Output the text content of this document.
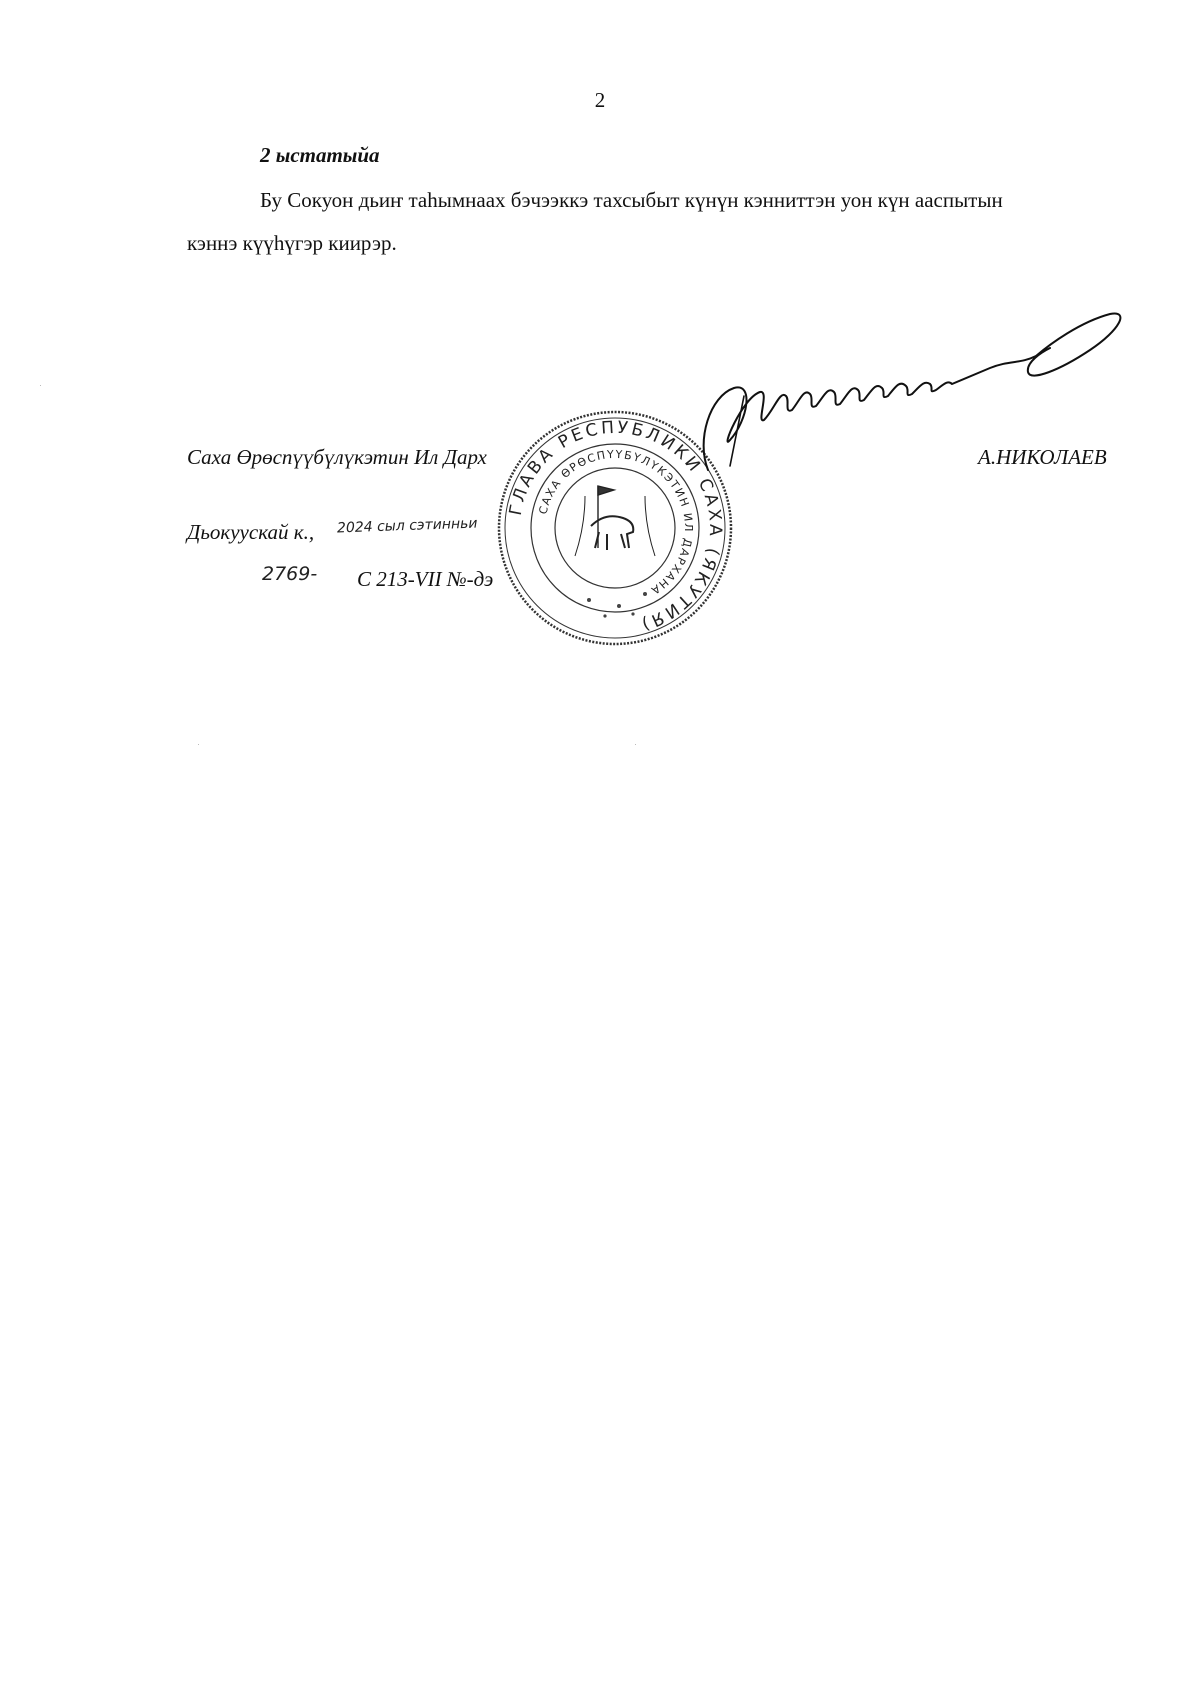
2
2 ыстатыйа
Бу Сокуон дьиҥ таһымнаах бэчээккэ тахсыбыт күнүн кэнниттэн уон күн ааспытын
кэннэ күүһүгэр киирэр.
Саха Өрөспүүбүлүкэтин Ил Дарх	А.НИКОЛАЕВ
Дьокуускай к., 2024 сыл сэтинньи
2769- С 213-VII №-дэ
ГЛАВА РЕСПУБЛИКИ САХА (ЯКУТИЯ)
САХА ӨРӨСПҮҮБҮЛҮКЭТИН ИЛ ДАРХАНА
